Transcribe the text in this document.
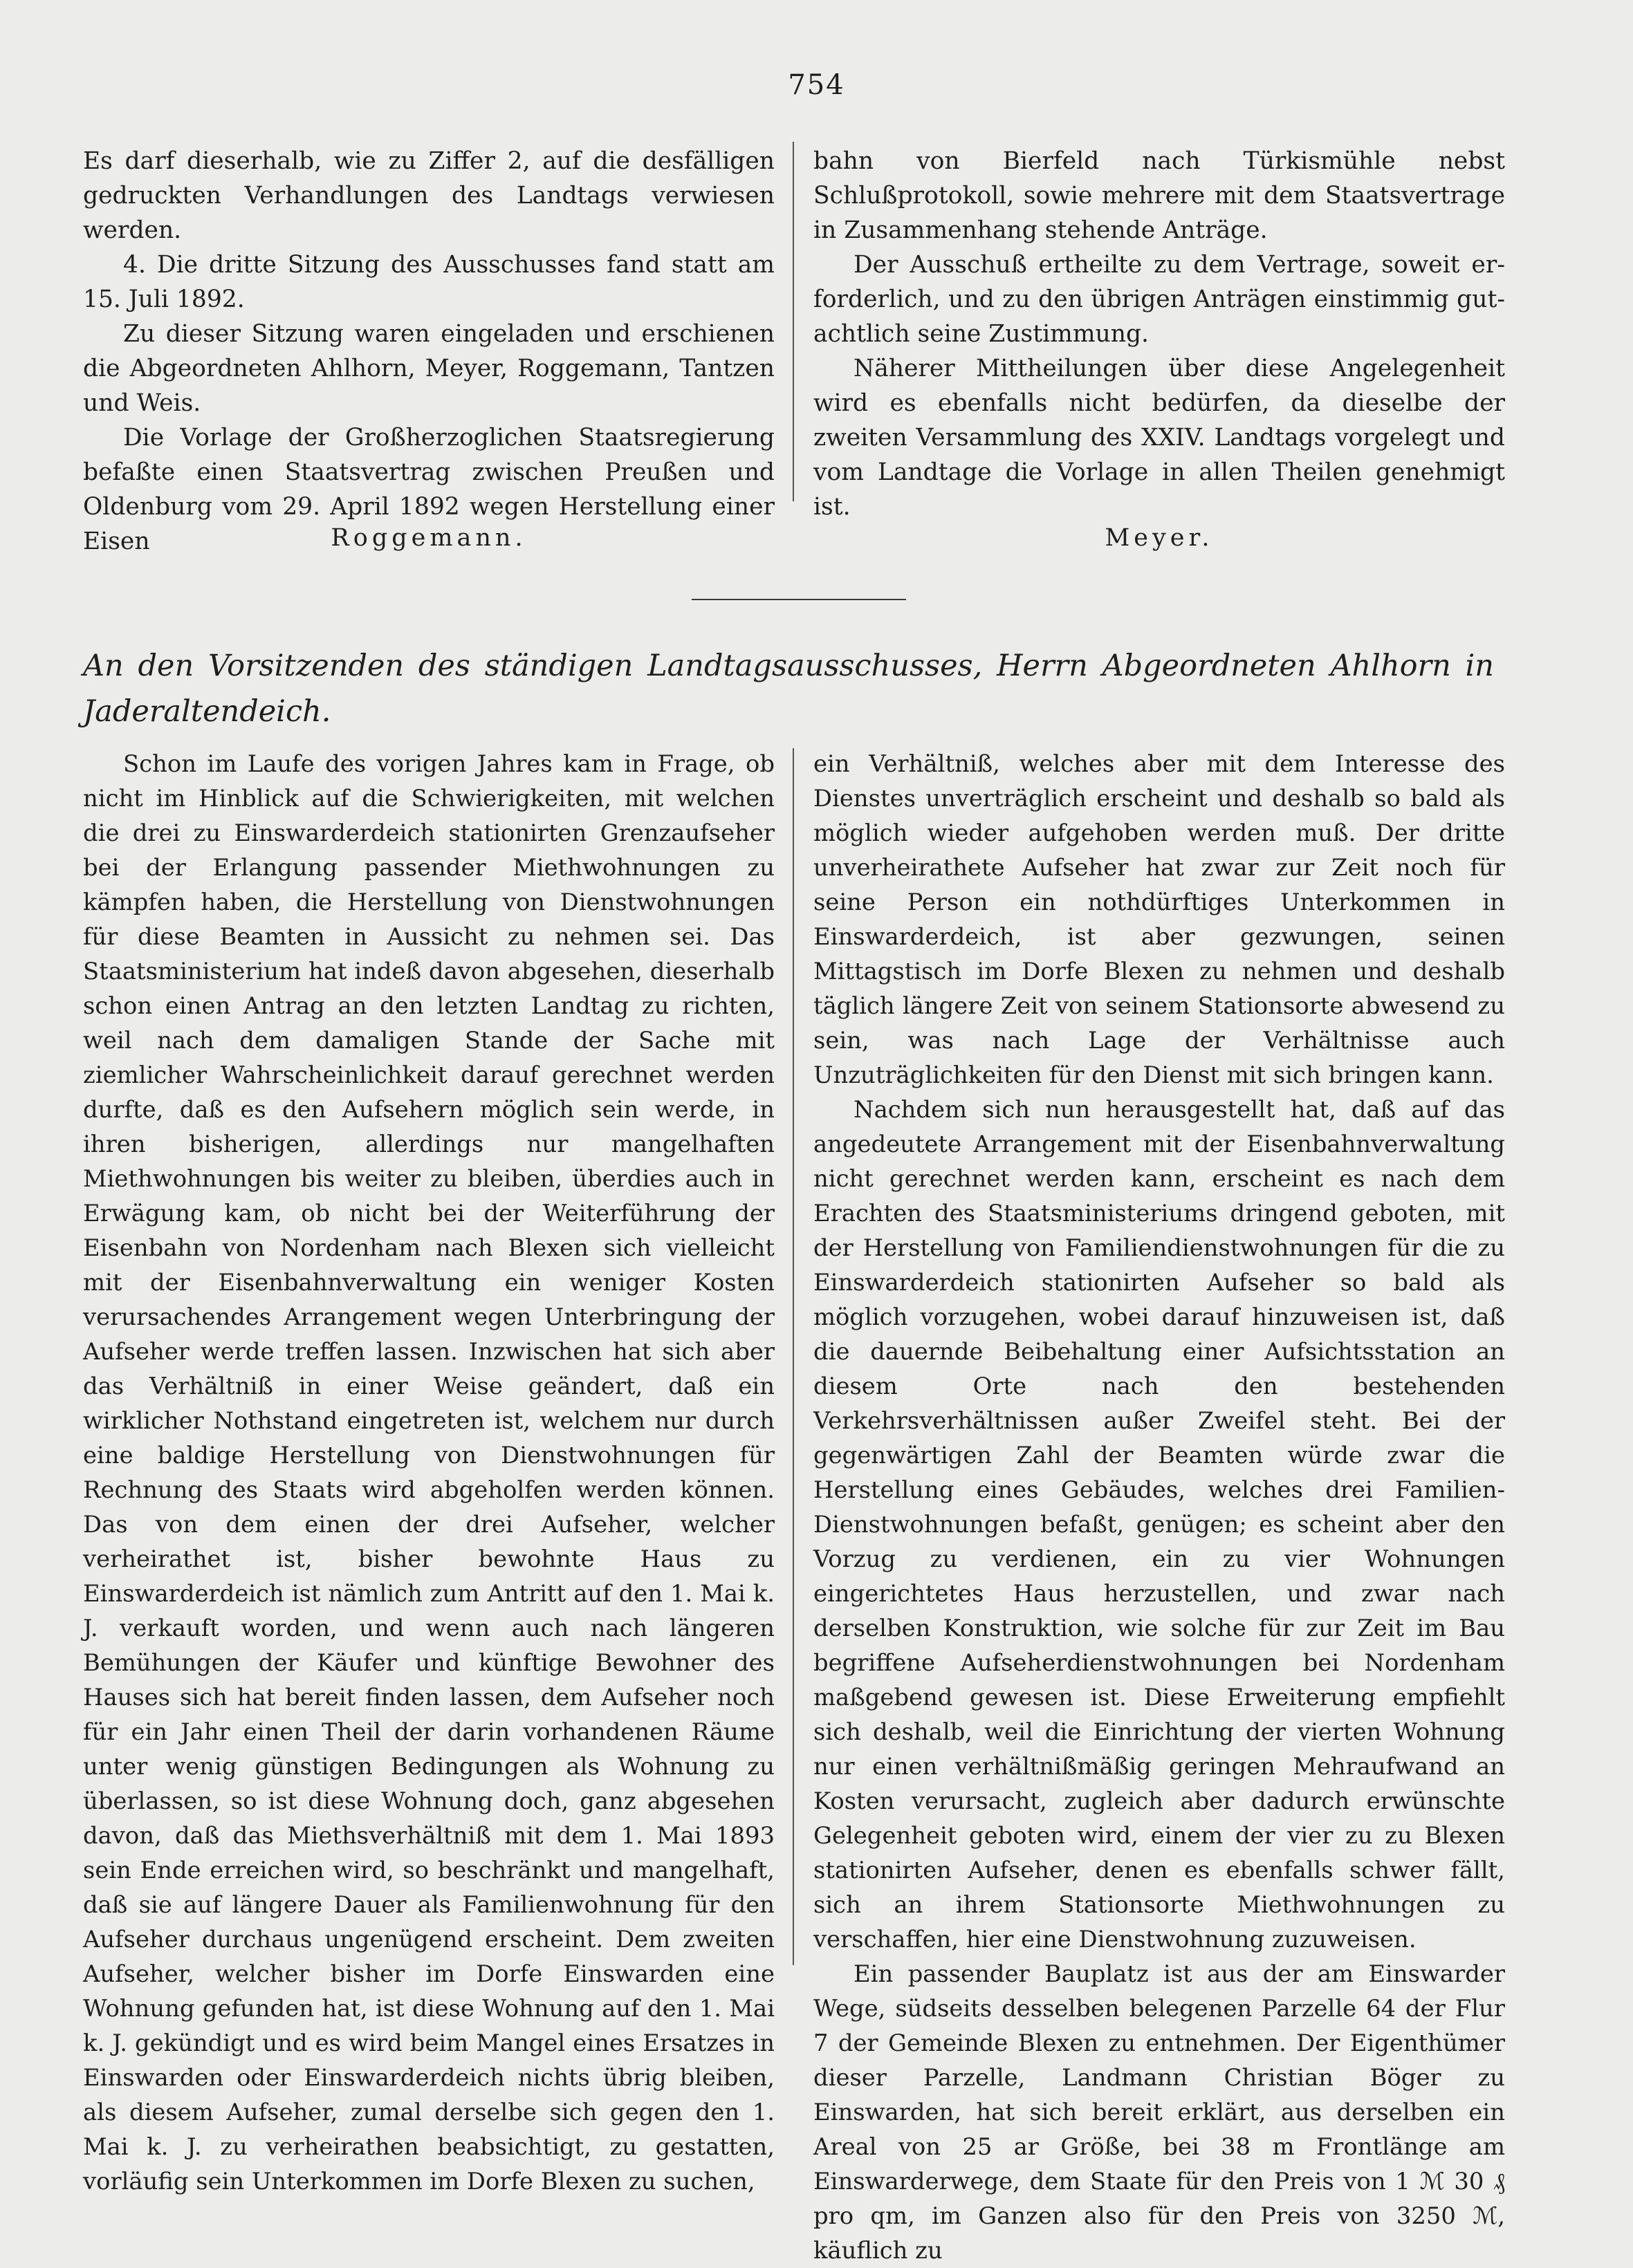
754

Es darf dieserhalb, wie zu Ziffer 2, auf die desfälligen gedruckten Verhandlungen des Landtags verwiesen werden.

4. Die dritte Sitzung des Ausschusses fand statt am 15. Juli 1892.

Zu dieser Sitzung waren eingeladen und erschienen die Abgeordneten Ahlhorn, Meyer, Roggemann, Tantzen und Weis.

Die Vorlage der Großherzoglichen Staatsregierung befaßte einen Staatsvertrag zwischen Preußen und Oldenburg vom 29. April 1892 wegen Herstellung einer Eisen

bahn von Bierfeld nach Türkismühle nebst Schlußprotokoll, sowie mehrere mit dem Staatsvertrage in Zusammenhang stehende Anträge.

Der Ausschuß ertheilte zu dem Vertrage, soweit erforderlich, und zu den übrigen Anträgen einstimmig gutachtlich seine Zustimmung.

Näherer Mittheilungen über diese Angelegenheit wird es ebenfalls nicht bedürfen, da dieselbe der zweiten Versammlung des XXIV. Landtags vorgelegt und vom Landtage die Vorlage in allen Theilen genehmigt ist.

Roggemann.	Meyer.
An den Vorsitzenden des ständigen Landtagsausschusses, Herrn Abgeordneten Ahlhorn in Jaderaltendeich.

Schon im Laufe des vorigen Jahres kam in Frage, ob nicht im Hinblick auf die Schwierigkeiten, mit welchen die drei zu Einswarderdeich stationirten Grenzaufseher bei der Erlangung passender Miethwohnungen zu kämpfen haben, die Herstellung von Dienstwohnungen für diese Beamten in Aussicht zu nehmen sei. Das Staatsministerium hat indeß davon abgesehen, dieserhalb schon einen Antrag an den letzten Landtag zu richten, weil nach dem damaligen Stande der Sache mit ziemlicher Wahrscheinlichkeit darauf gerechnet werden durfte, daß es den Aufsehern möglich sein werde, in ihren bisherigen, allerdings nur mangelhaften Miethwohnungen bis weiter zu bleiben, überdies auch in Erwägung kam, ob nicht bei der Weiterführung der Eisenbahn von Nordenham nach Blexen sich vielleicht mit der Eisenbahnverwaltung ein weniger Kosten verursachendes Arrangement wegen Unterbringung der Aufseher werde treffen lassen. Inzwischen hat sich aber das Verhältniß in einer Weise geändert, daß ein wirklicher Nothstand eingetreten ist, welchem nur durch eine baldige Herstellung von Dienstwohnungen für Rechnung des Staats wird abgeholfen werden können. Das von dem einen der drei Aufseher, welcher verheirathet ist, bisher bewohnte Haus zu Einswarderdeich ist nämlich zum Antritt auf den 1. Mai k. J. verkauft worden, und wenn auch nach längeren Bemühungen der Käufer und künftige Bewohner des Hauses sich hat bereit finden lassen, dem Aufseher noch für ein Jahr einen Theil der darin vorhandenen Räume unter wenig günstigen Bedingungen als Wohnung zu überlassen, so ist diese Wohnung doch, ganz abgesehen davon, daß das Miethsverhältniß mit dem 1. Mai 1893 sein Ende erreichen wird, so beschränkt und mangelhaft, daß sie auf längere Dauer als Familienwohnung für den Aufseher durchaus ungenügend erscheint. Dem zweiten Aufseher, welcher bisher im Dorfe Einswarden eine Wohnung gefunden hat, ist diese Wohnung auf den 1. Mai k. J. gekündigt und es wird beim Mangel eines Ersatzes in Einswarden oder Einswarderdeich nichts übrig bleiben, als diesem Aufseher, zumal derselbe sich gegen den 1. Mai k. J. zu verheirathen beabsichtigt, zu gestatten, vorläufig sein Unterkommen im Dorfe Blexen zu suchen,

ein Verhältniß, welches aber mit dem Interesse des Dienstes unverträglich erscheint und deshalb so bald als möglich wieder aufgehoben werden muß. Der dritte unverheirathete Aufseher hat zwar zur Zeit noch für seine Person ein nothdürftiges Unterkommen in Einswarderdeich, ist aber gezwungen, seinen Mittagstisch im Dorfe Blexen zu nehmen und deshalb täglich längere Zeit von seinem Stationsorte abwesend zu sein, was nach Lage der Verhältnisse auch Unzuträglichkeiten für den Dienst mit sich bringen kann.

Nachdem sich nun herausgestellt hat, daß auf das angedeutete Arrangement mit der Eisenbahnverwaltung nicht gerechnet werden kann, erscheint es nach dem Erachten des Staatsministeriums dringend geboten, mit der Herstellung von Familiendienstwohnungen für die zu Einswarderdeich stationirten Aufseher so bald als möglich vorzugehen, wobei darauf hinzuweisen ist, daß die dauernde Beibehaltung einer Aufsichtsstation an diesem Orte nach den bestehenden Verkehrsverhältnissen außer Zweifel steht. Bei der gegenwärtigen Zahl der Beamten würde zwar die Herstellung eines Gebäudes, welches drei Familien-Dienstwohnungen befaßt, genügen; es scheint aber den Vorzug zu verdienen, ein zu vier Wohnungen eingerichtetes Haus herzustellen, und zwar nach derselben Konstruktion, wie solche für zur Zeit im Bau begriffene Aufseherdienstwohnungen bei Nordenham maßgebend gewesen ist. Diese Erweiterung empfiehlt sich deshalb, weil die Einrichtung der vierten Wohnung nur einen verhältnißmäßig geringen Mehraufwand an Kosten verursacht, zugleich aber dadurch erwünschte Gelegenheit geboten wird, einem der vier zu zu Blexen stationirten Aufseher, denen es ebenfalls schwer fällt, sich an ihrem Stationsorte Miethwohnungen zu verschaffen, hier eine Dienstwohnung zuzuweisen.

Ein passender Bauplatz ist aus der am Einswarder Wege, südseits desselben belegenen Parzelle 64 der Flur 7 der Gemeinde Blexen zu entnehmen. Der Eigenthümer dieser Parzelle, Landmann Christian Böger zu Einswarden, hat sich bereit erklärt, aus derselben ein Areal von 25 ar Größe, bei 38 m Frontlänge am Einswarderwege, dem Staate für den Preis von 1 ℳ 30 ₰ pro qm, im Ganzen also für den Preis von 3250 ℳ, käuflich zu
